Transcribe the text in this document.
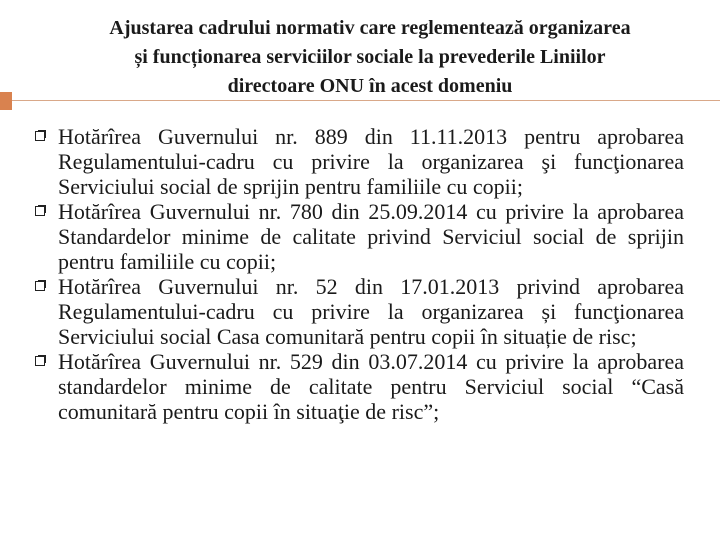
Ajustarea cadrului normativ care reglementează organizarea
și funcționarea serviciilor sociale la prevederile Liniilor
directoare ONU în acest domeniu
Hotărîrea Guvernului nr. 889 din 11.11.2013 pentru aprobarea Regulamentului-cadru cu privire la organizarea şi funcţionarea Serviciului social de sprijin pentru familiile cu copii;
Hotărîrea Guvernului nr. 780 din 25.09.2014 cu privire la aprobarea Standardelor minime de calitate privind Serviciul social de sprijin pentru familiile cu copii;
Hotărîrea Guvernului nr. 52 din 17.01.2013 privind aprobarea Regulamentului-cadru cu privire la organizarea și funcţionarea Serviciului social Casa comunitară pentru copii în situație de risc;
Hotărîrea Guvernului nr. 529 din 03.07.2014 cu privire la aprobarea standardelor minime de calitate pentru Serviciul social “Casă comunitară pentru copii în situaţie de risc”;
